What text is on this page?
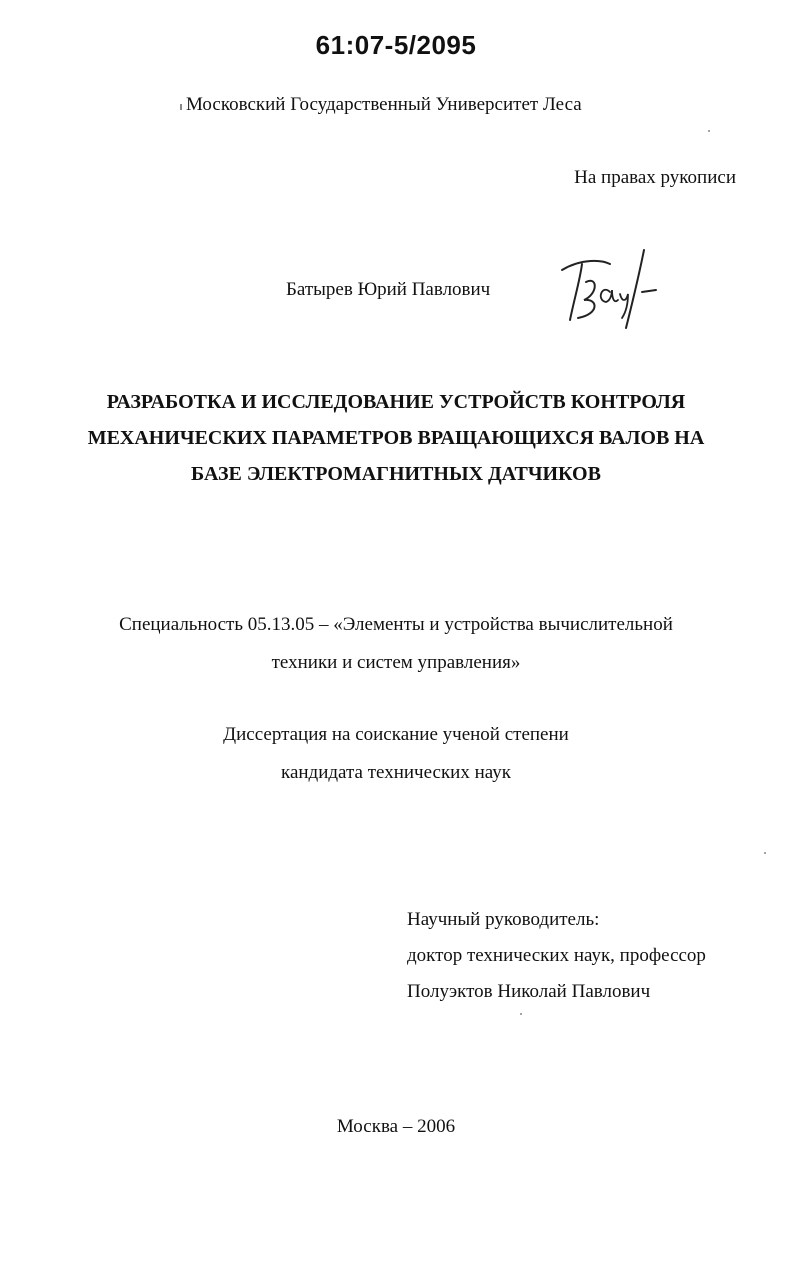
61:07-5/2095
Московский Государственный Университет Леса
На правах рукописи
Батырев Юрий Павлович
РАЗРАБОТКА И ИССЛЕДОВАНИЕ УСТРОЙСТВ КОНТРОЛЯ
МЕХАНИЧЕСКИХ ПАРАМЕТРОВ ВРАЩАЮЩИХСЯ ВАЛОВ НА
БАЗЕ ЭЛЕКТРОМАГНИТНЫХ ДАТЧИКОВ
Специальность 05.13.05 – «Элементы и устройства вычислительной
техники и систем управления»
Диссертация на соискание ученой степени
кандидата технических наук
Научный руководитель:
доктор технических наук, профессор
Полуэктов Николай Павлович
Москва – 2006
